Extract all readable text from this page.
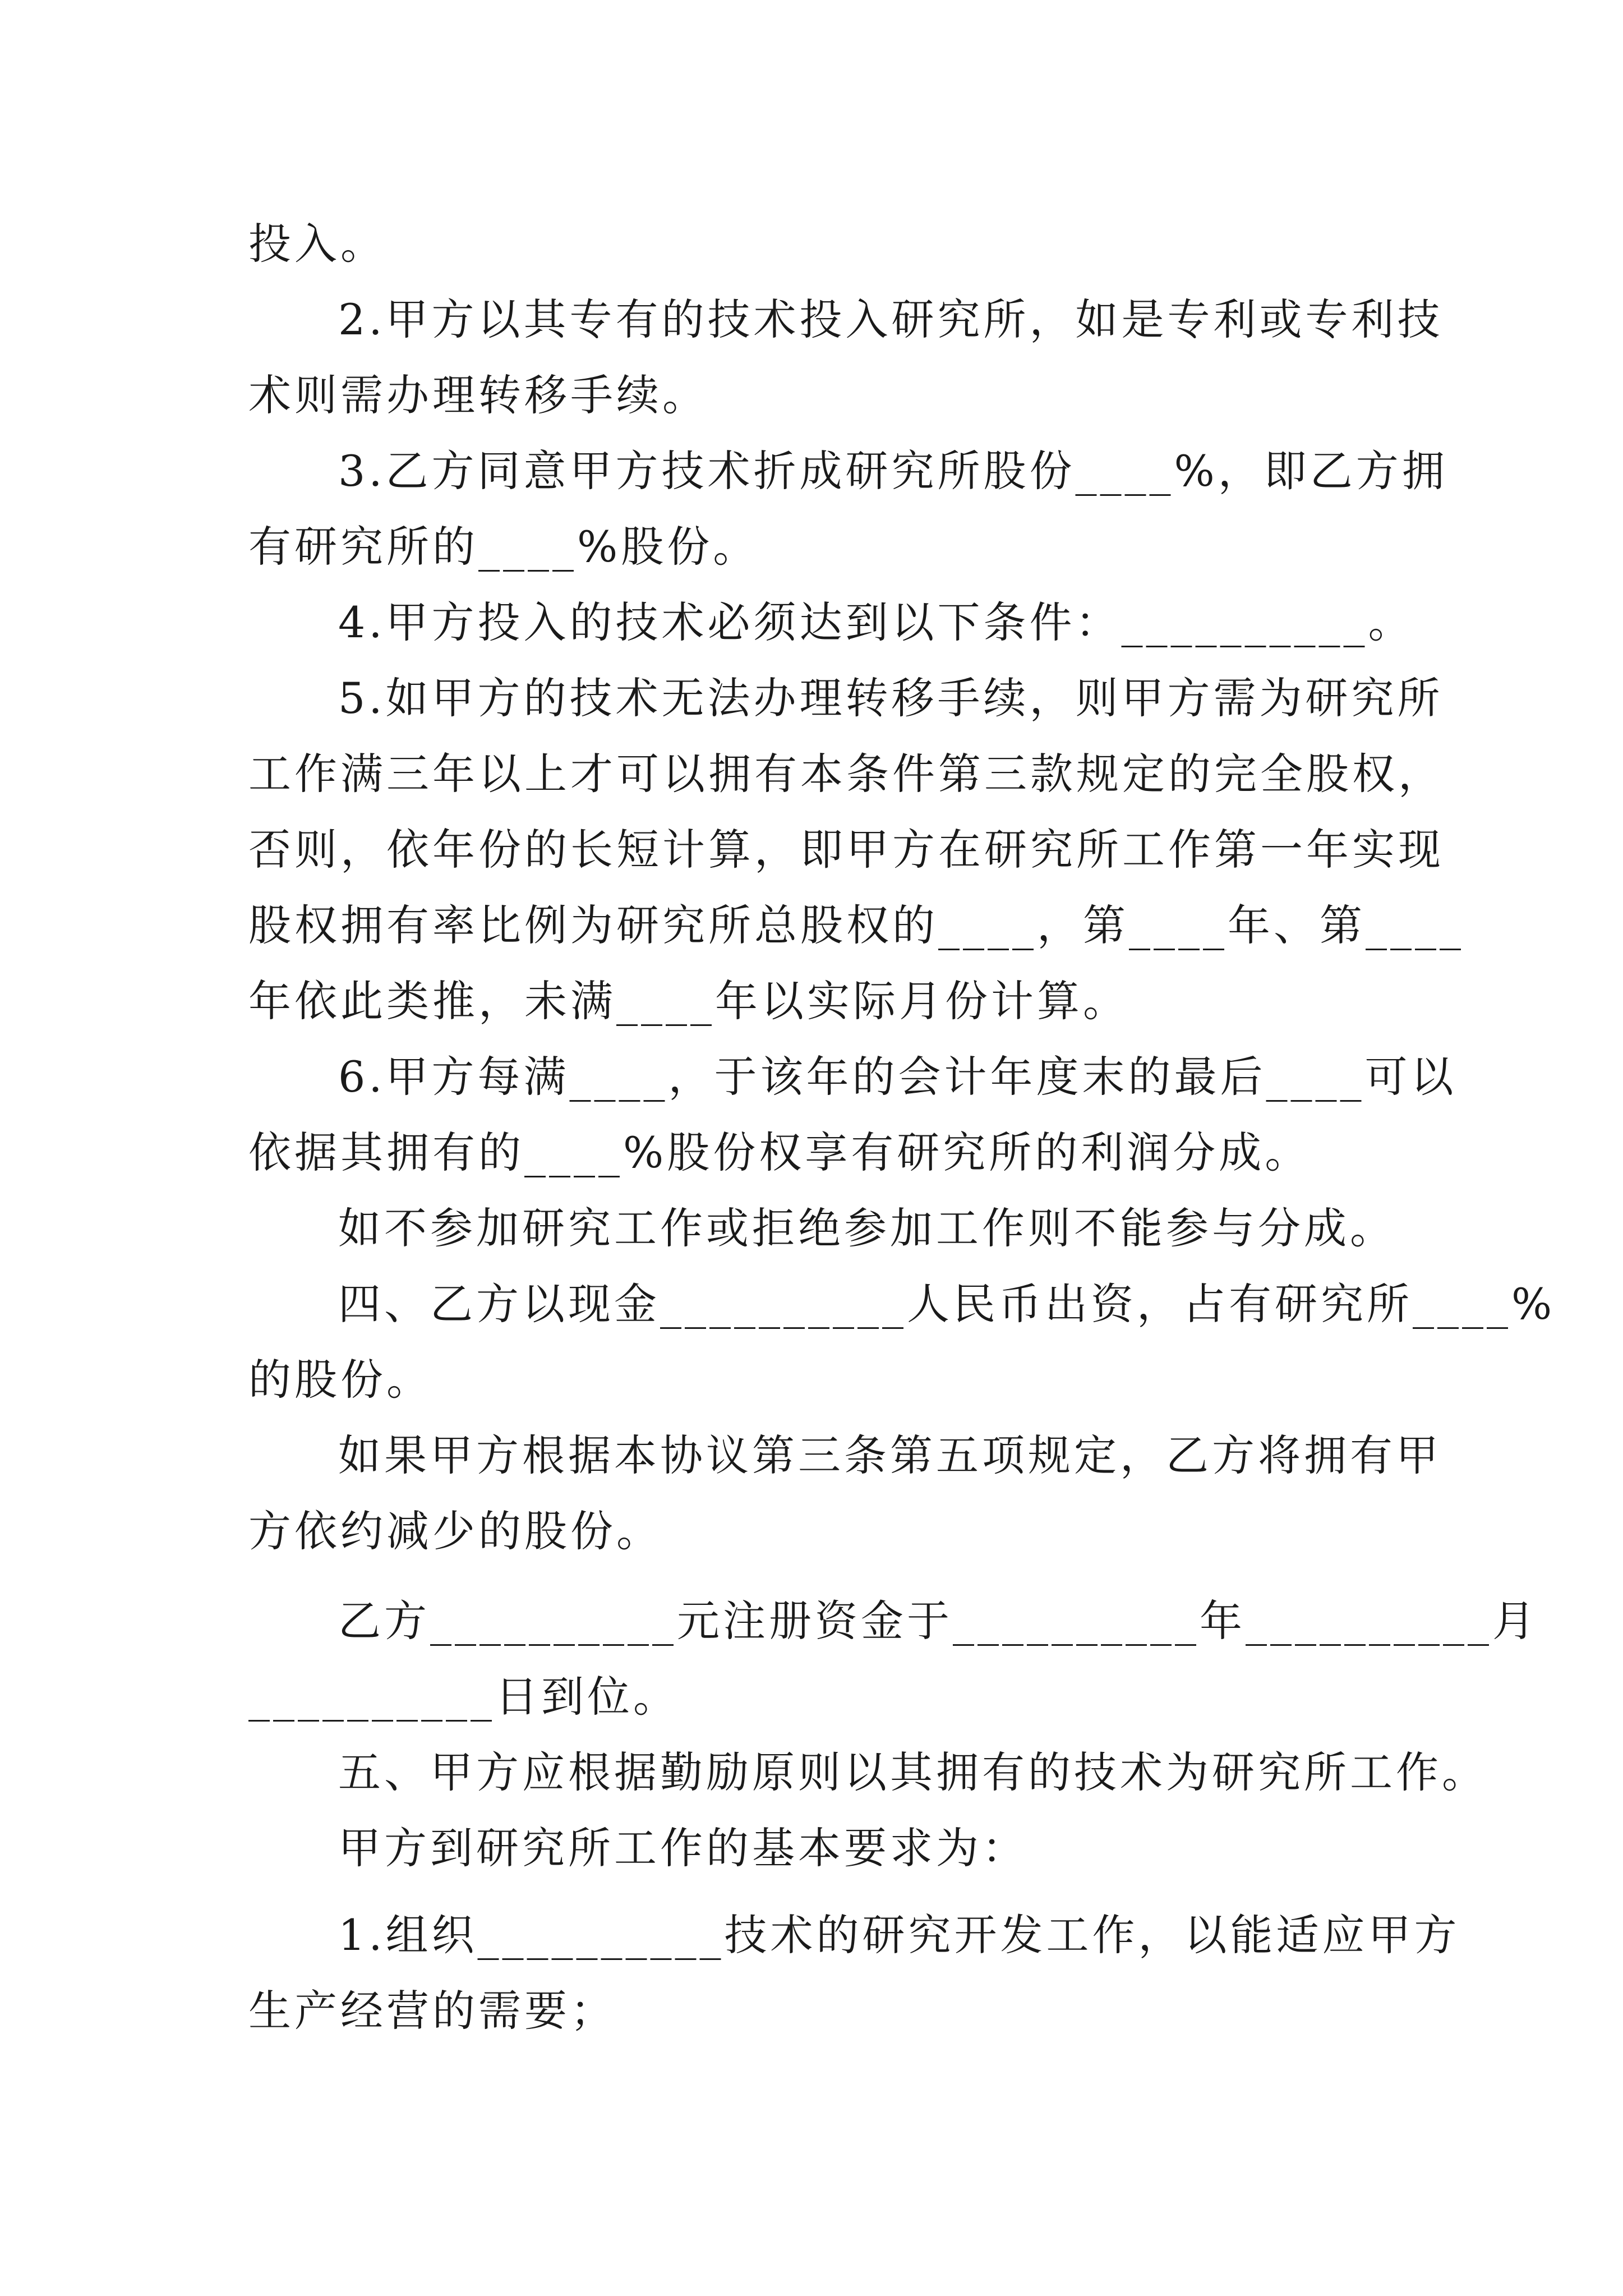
投入。
2.甲方以其专有的技术投入研究所，如是专利或专利技
术则需办理转移手续。
3.乙方同意甲方技术折成研究所股份____%，即乙方拥
有研究所的____%股份。
4.甲方投入的技术必须达到以下条件：__________。
5.如甲方的技术无法办理转移手续，则甲方需为研究所
工作满三年以上才可以拥有本条件第三款规定的完全股权，
否则，依年份的长短计算，即甲方在研究所工作第一年实现
股权拥有率比例为研究所总股权的____，第____年、第____
年依此类推，未满____年以实际月份计算。
6.甲方每满____，于该年的会计年度末的最后____可以
依据其拥有的____%股份权享有研究所的利润分成。
如不参加研究工作或拒绝参加工作则不能参与分成。
四、乙方以现金__________人民币出资，占有研究所____%
的股份。
如果甲方根据本协议第三条第五项规定，乙方将拥有甲
方依约减少的股份。
乙方__________元注册资金于__________年__________月
__________日到位。
五、甲方应根据勤励原则以其拥有的技术为研究所工作。
甲方到研究所工作的基本要求为：
1.组织__________技术的研究开发工作，以能适应甲方
生产经营的需要；
